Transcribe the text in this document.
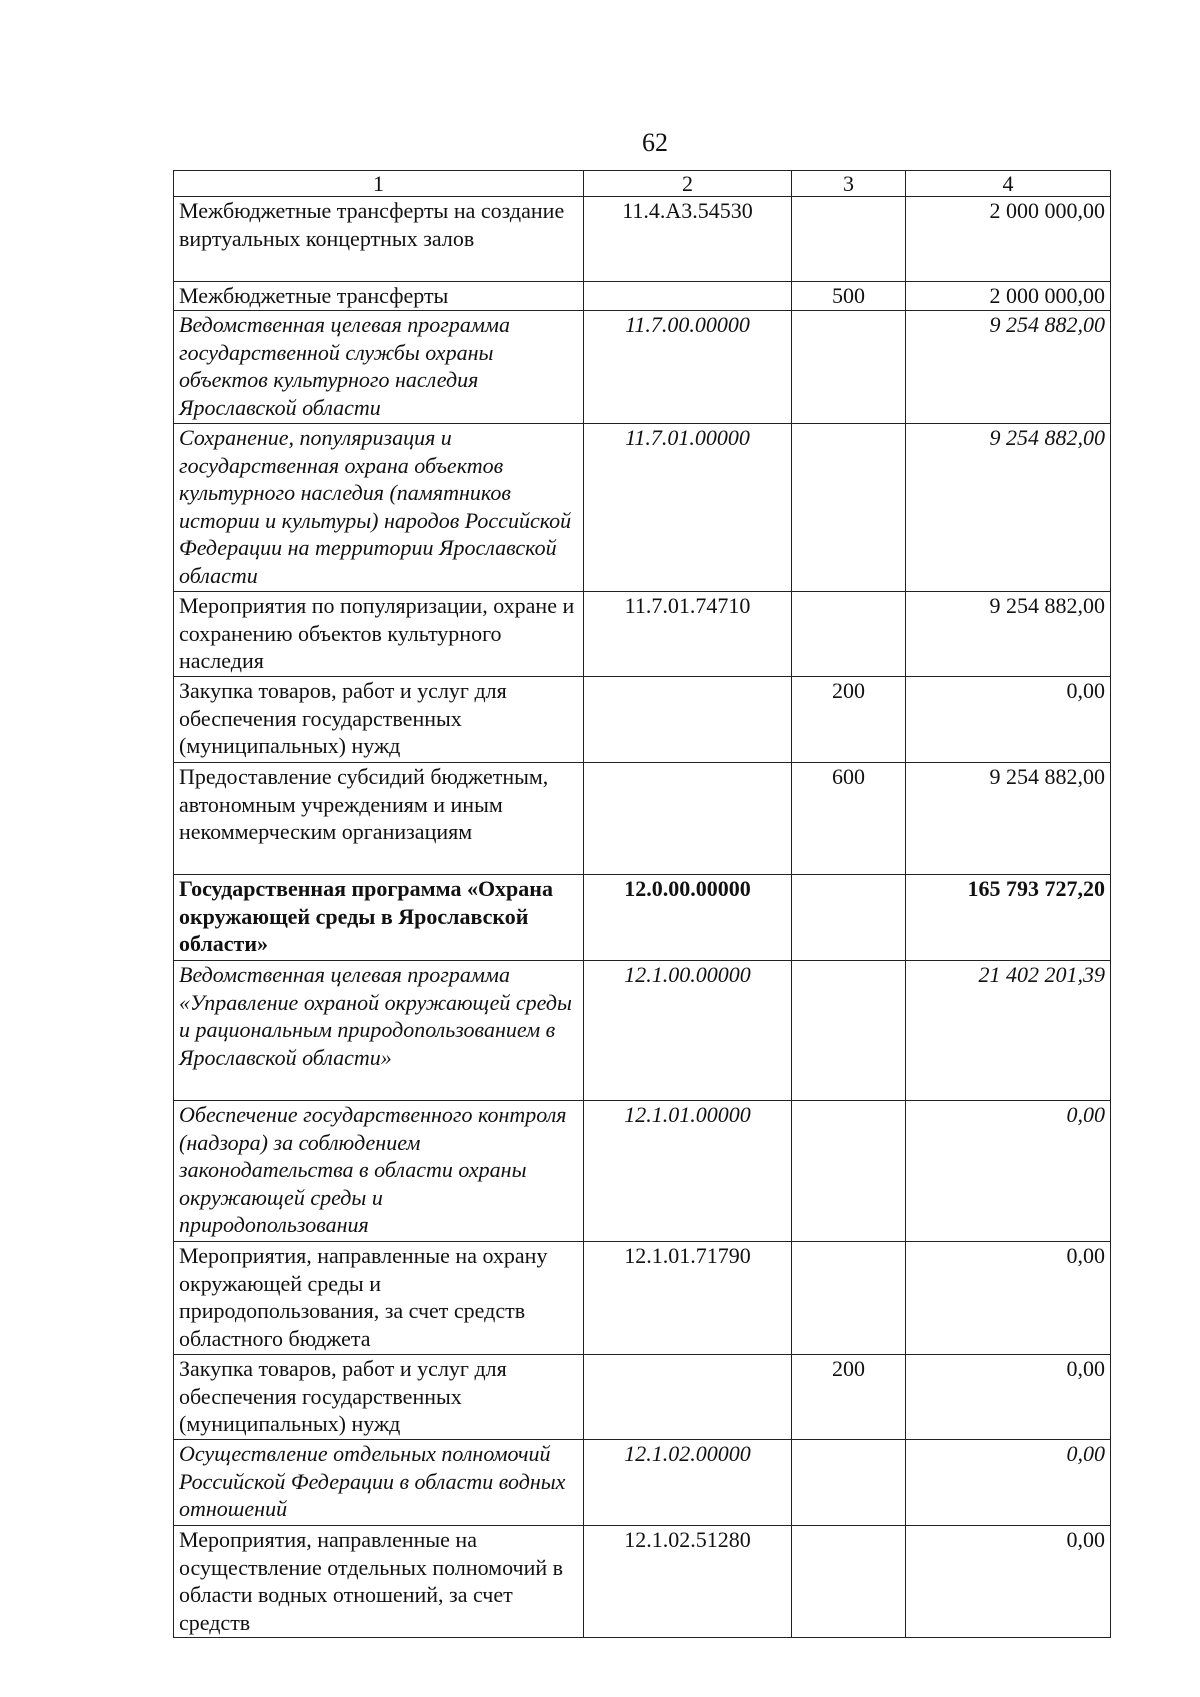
62
1	2	3	4
Межбюджетные трансферты на создание виртуальных концертных залов	11.4.А3.54530		2 000 000,00
Межбюджетные трансферты		500	2 000 000,00
Ведомственная целевая программа государственной службы охраны объектов культурного наследия Ярославской области	11.7.00.00000		9 254 882,00
Сохранение, популяризация и государственная охрана объектов культурного наследия (памятников истории и культуры) народов Российской Федерации на территории Ярославской области	11.7.01.00000		9 254 882,00
Мероприятия по популяризации, охране и сохранению объектов культурного наследия	11.7.01.74710		9 254 882,00
Закупка товаров, работ и услуг для обеспечения государственных (муниципальных) нужд		200	0,00
Предоставление субсидий бюджетным, автономным учреждениям и иным некоммерческим организациям		600	9 254 882,00
Государственная программа «Охрана окружающей среды в Ярославской области»	12.0.00.00000		165 793 727,20
Ведомственная целевая программа «Управление охраной окружающей среды и рациональным природопользованием в Ярославской области»	12.1.00.00000		21 402 201,39
Обеспечение государственного контроля (надзора) за соблюдением законодательства в области охраны окружающей среды и природопользования	12.1.01.00000		0,00
Мероприятия, направленные на охрану окружающей среды и природопользования, за счет средств областного бюджета	12.1.01.71790		0,00
Закупка товаров, работ и услуг для обеспечения государственных (муниципальных) нужд		200	0,00
Осуществление отдельных полномочий Российской Федерации в области водных отношений	12.1.02.00000		0,00
Мероприятия, направленные на осуществление отдельных полномочий в области водных отношений, за счет средств	12.1.02.51280		0,00
